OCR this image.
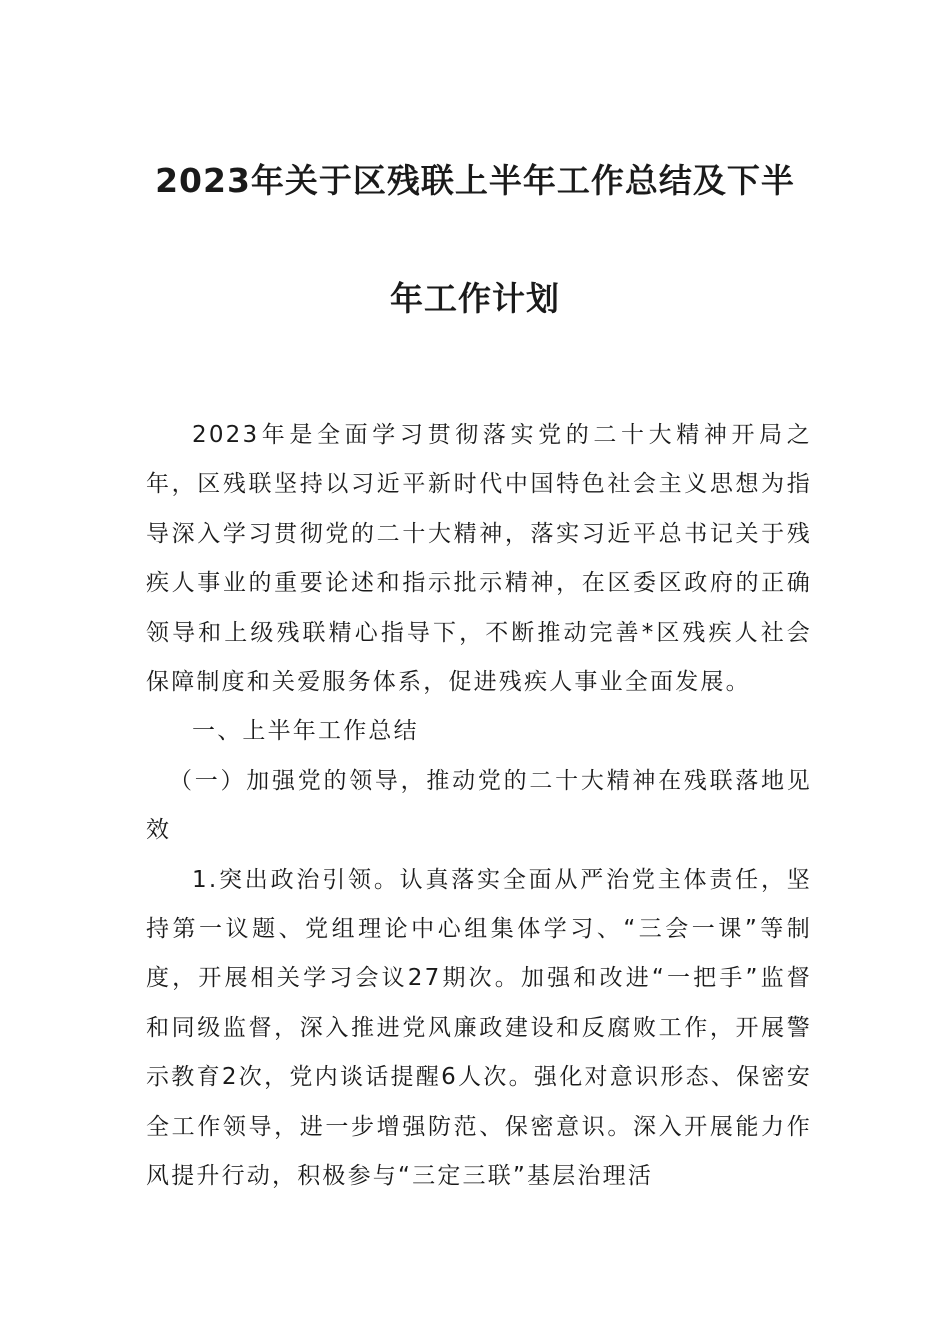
2023年关于区残联上半年工作总结及下半
年工作计划

2023年是全面学习贯彻落实党的二十大精神开局之年，区残联坚持以习近平新时代中国特色社会主义思想为指导深入学习贯彻党的二十大精神，落实习近平总书记关于残疾人事业的重要论述和指示批示精神，在区委区政府的正确领导和上级残联精心指导下，不断推动完善*区残疾人社会保障制度和关爱服务体系，促进残疾人事业全面发展。

一、上半年工作总结

（一）加强党的领导，推动党的二十大精神在残联落地见效

1.突出政治引领。认真落实全面从严治党主体责任，坚持第一议题、党组理论中心组集体学习、“三会一课”等制度，开展相关学习会议27期次。加强和改进“一把手”监督和同级监督，深入推进党风廉政建设和反腐败工作，开展警示教育2次，党内谈话提醒6人次。强化对意识形态、保密安全工作领导，进一步增强防范、保密意识。深入开展能力作风提升行动，积极参与“三定三联”基层治理活
